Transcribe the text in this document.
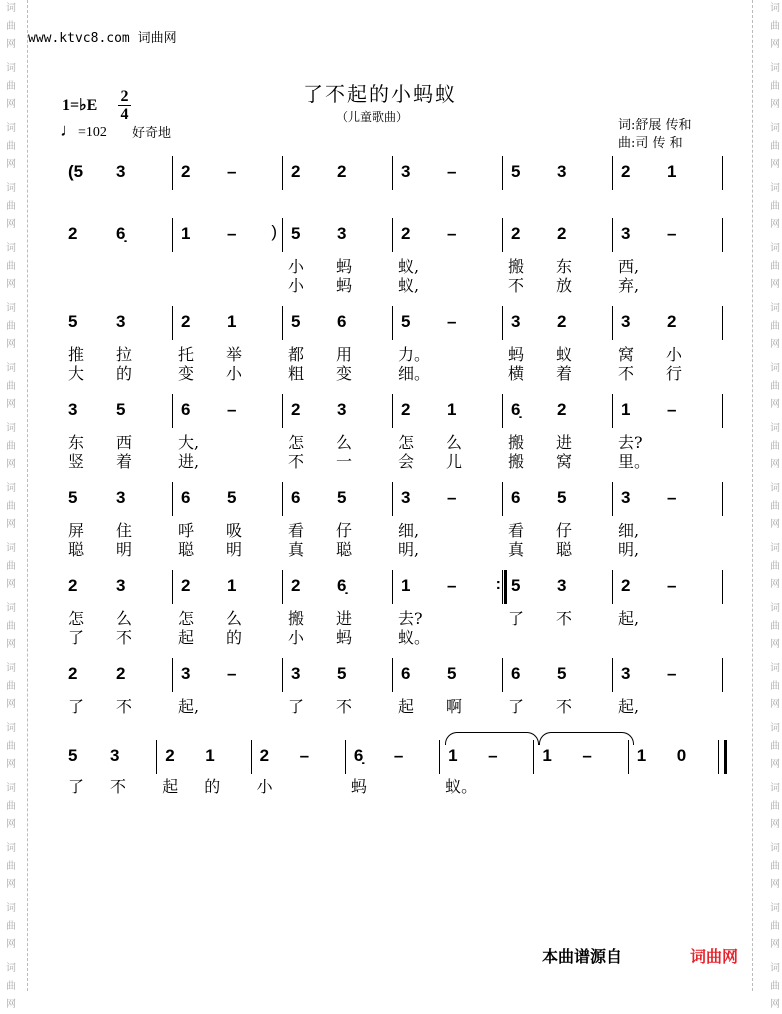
词
曲
网
词
曲
网
词
曲
网
词
曲
网
词
曲
网
词
曲
网
词
曲
网
词
曲
网
词
曲
网
词
曲
网
词
曲
网
词
曲
网
词
曲
网
词
曲
网
词
曲
网
词
曲
网
词
曲
网
词
曲
网
词
曲
网
词
曲
网
词
曲
网
词
曲
网
词
曲
网
词
曲
网
词
曲
网
词
曲
网
词
曲
网
词
曲
网
词
曲
网
词
曲
网
词
曲
网
词
曲
网
词
曲
网
词
曲
网
www.ktvc8.com 词曲网
了不起的小蚂蚁
（儿童歌曲）
1=♭E
2
4
♩=102 好奇地
词:舒展 传和
曲:司 传 和
(5 3	2 –	2 2	3 –	5 3	2 1
2 6̣	1 – ) 5 3	2 –	2 2	3 –
小 蚂	蚁,	搬 东	西,
小 蚂	蚁,	不 放	弃,
5 3	2 1	5 6	5 –	3 2	3 2
推 拉	托 举	都 用	力。	蚂 蚁	窝 小
大 的	变 小	粗 变	细。	横 着	不 行
3 5	6 –	2 3	2 1	6̣ 2	1 –
东 西	大,	怎 么	怎 么	搬 进	去?
竖 着	进,	不 一	会 儿	搬 窝	里。
5 3	6 5	6 5	3 –	6 5	3 –
屏 住	呼 吸	看 仔	细,	看 仔	细,
聪 明	聪 明	真 聪	明,	真 聪	明,
2 3	2 1	2 6̣	1 – : 5 3	2 –
怎 么	怎 么	搬 进	去?	了 不	起,
了 不	起 的	小 蚂	蚁。
2 2	3 –	3 5	6 5	6 5	3 –
了 不	起,	了 不	起 啊	了 不	起,
5 3	2 1	2 –	6̣ –	1 –	1 –	1 0
了 不 起 的 小	蚂	蚁。
本曲谱源自	词曲网
